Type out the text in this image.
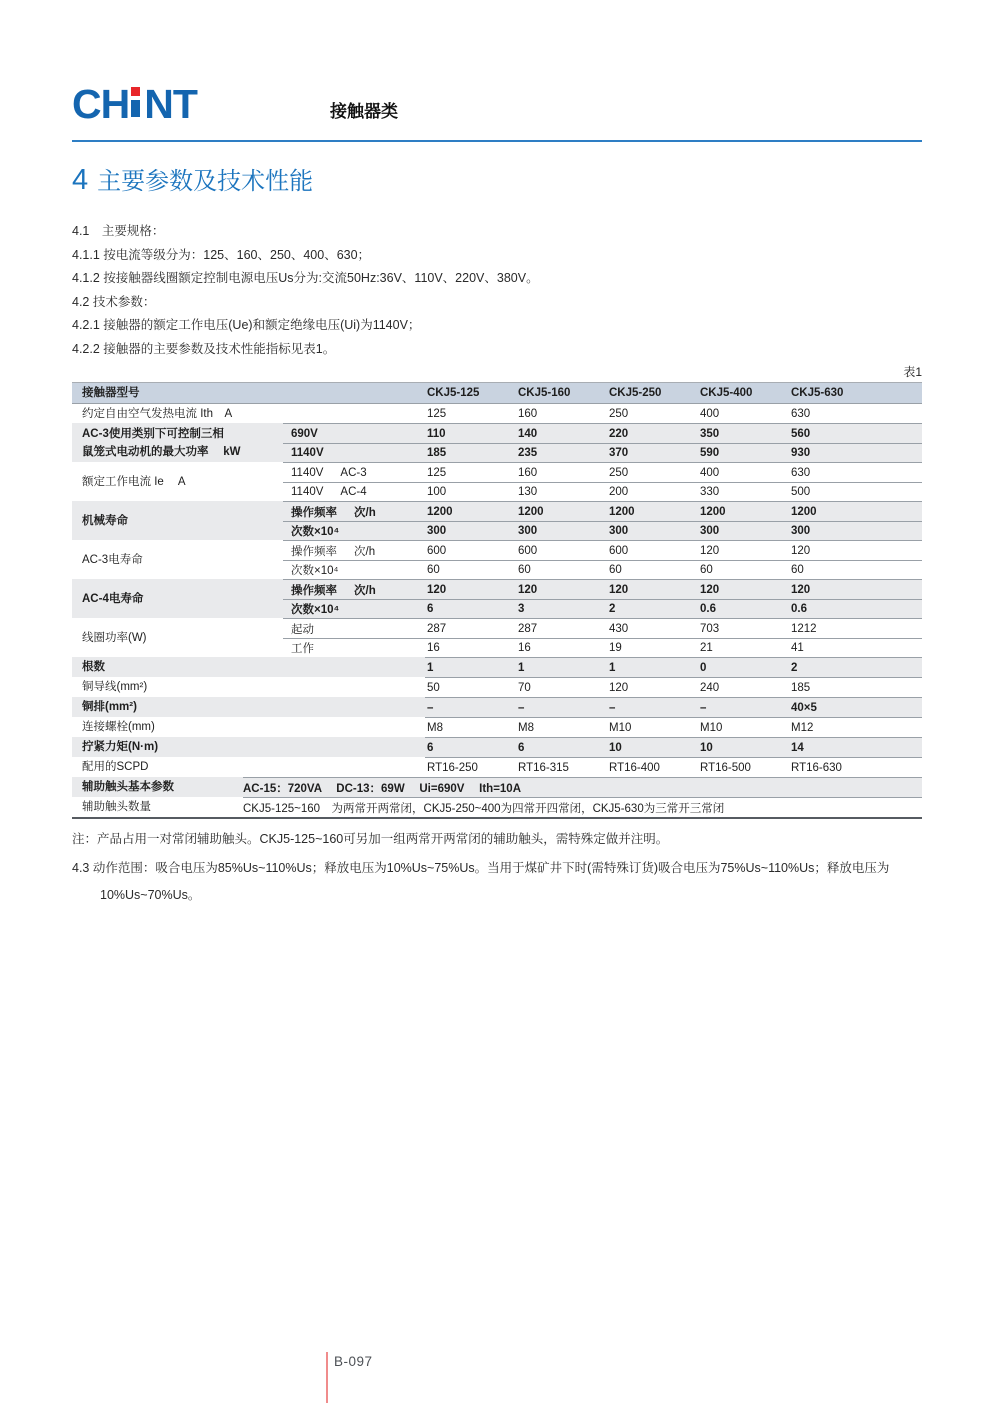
CH NT	接触器类
4 主要参数及技术性能
4.1　主要规格：
4.1.1 按电流等级分为：125、160、250、400、630；
4.1.2 按接触器线圈额定控制电源电压Us分为:交流50Hz:36V、110V、220V、380V。
4.2 技术参数：
4.2.1 接触器的额定工作电压(Ue)和额定绝缘电压(Ui)为1140V；
4.2.2 接触器的主要参数及技术性能指标见表1。
表1
接触器型号	CKJ5-125	CKJ5-160	CKJ5-250	CKJ5-400	CKJ5-630
约定自由空气发热电流 Ith　A	125	160	250	400	630
AC-3使用类别下可控制三相
鼠笼式电动机的最大功率　 kW
690V	110	140	220	350	560
1140V	185	235	370	590	930
额定工作电流 Ie　 A
1140V AC-3	125	160	250	400	630
1140V AC-4	100	130	200	330	500
机械寿命
操作频率 次/h	1200	1200	1200	1200	1200
次数×10⁴	300	300	300	300	300
AC-3电寿命
操作频率 次/h	600	600	600	120	120
次数×10⁴	60	60	60	60	60
AC-4电寿命
操作频率 次/h	120	120	120	120	120
次数×10⁴	6	3	2	0.6	0.6
线圈功率(W)
起动	287	287	430	703	1212
工作	16	16	19	21	41
根数	1	1	1	0	2
铜导线(mm²)	50	70	120	240	185
铜排(mm²)	–	–	–	–	40×5
连接螺栓(mm)	M8	M8	M10	M10	M12
拧紧力矩(N·m)	6	6	10	10	14
配用的SCPD	RT16-250	RT16-315	RT16-400	RT16-500	RT16-630
辅助触头基本参数	AC-15：720VA　 DC-13：69W　 Ui=690V　 Ith=10A
辅助触头数量	CKJ5-125~160　为两常开两常闭，CKJ5-250~400为四常开四常闭，CKJ5-630为三常开三常闭
注：产品占用一对常闭辅助触头。CKJ5-125~160可另加一组两常开两常闭的辅助触头，需特殊定做并注明。
4.3 动作范围：吸合电压为85%Us~110%Us；释放电压为10%Us~75%Us。当用于煤矿井下时(需特殊订货)吸合电压为75%Us~110%Us；释放电压为
10%Us~70%Us。
B-097
